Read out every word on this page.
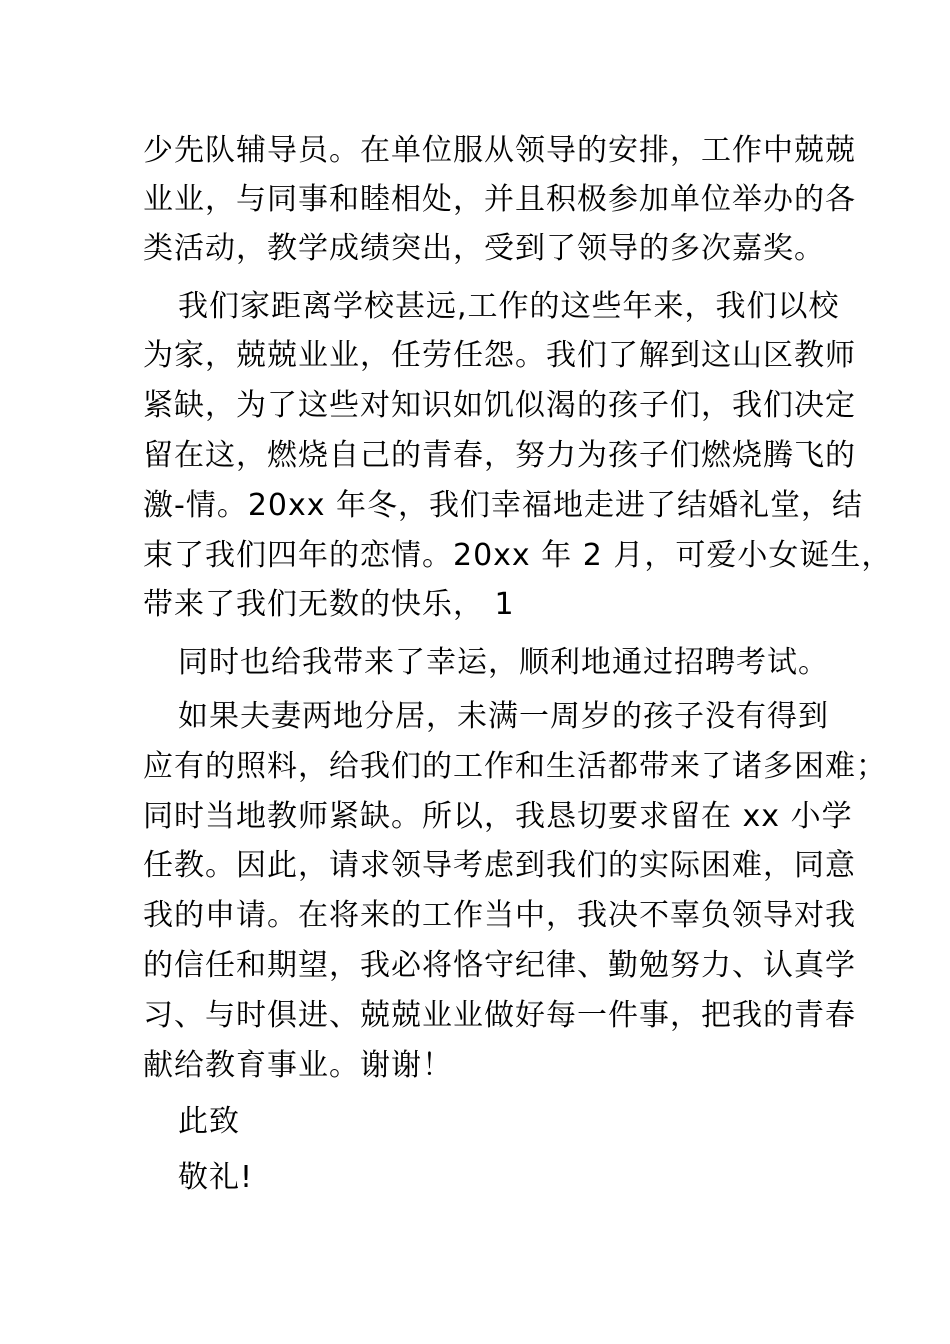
少先队辅导员。在单位服从领导的安排，工作中兢兢
业业，与同事和睦相处，并且积极参加单位举办的各
类活动，教学成绩突出，受到了领导的多次嘉奖。
我们家距离学校甚远,工作的这些年来，我们以校
为家，兢兢业业，任劳任怨。我们了解到这山区教师
紧缺，为了这些对知识如饥似渴的孩子们，我们决定
留在这，燃烧自己的青春，努力为孩子们燃烧腾飞的
激-情。20xx 年冬，我们幸福地走进了结婚礼堂，结
束了我们四年的恋情。20xx 年 2 月，可爱小女诞生，
带来了我们无数的快乐， 1
同时也给我带来了幸运，顺利地通过招聘考试。
如果夫妻两地分居，未满一周岁的孩子没有得到
应有的照料，给我们的工作和生活都带来了诸多困难；
同时当地教师紧缺。所以，我恳切要求留在 xx 小学
任教。因此，请求领导考虑到我们的实际困难，同意
我的申请。在将来的工作当中，我决不辜负领导对我
的信任和期望，我必将恪守纪律、勤勉努力、认真学
习、与时俱进、兢兢业业做好每一件事，把我的青春
献给教育事业。谢谢！
此致
敬礼!
